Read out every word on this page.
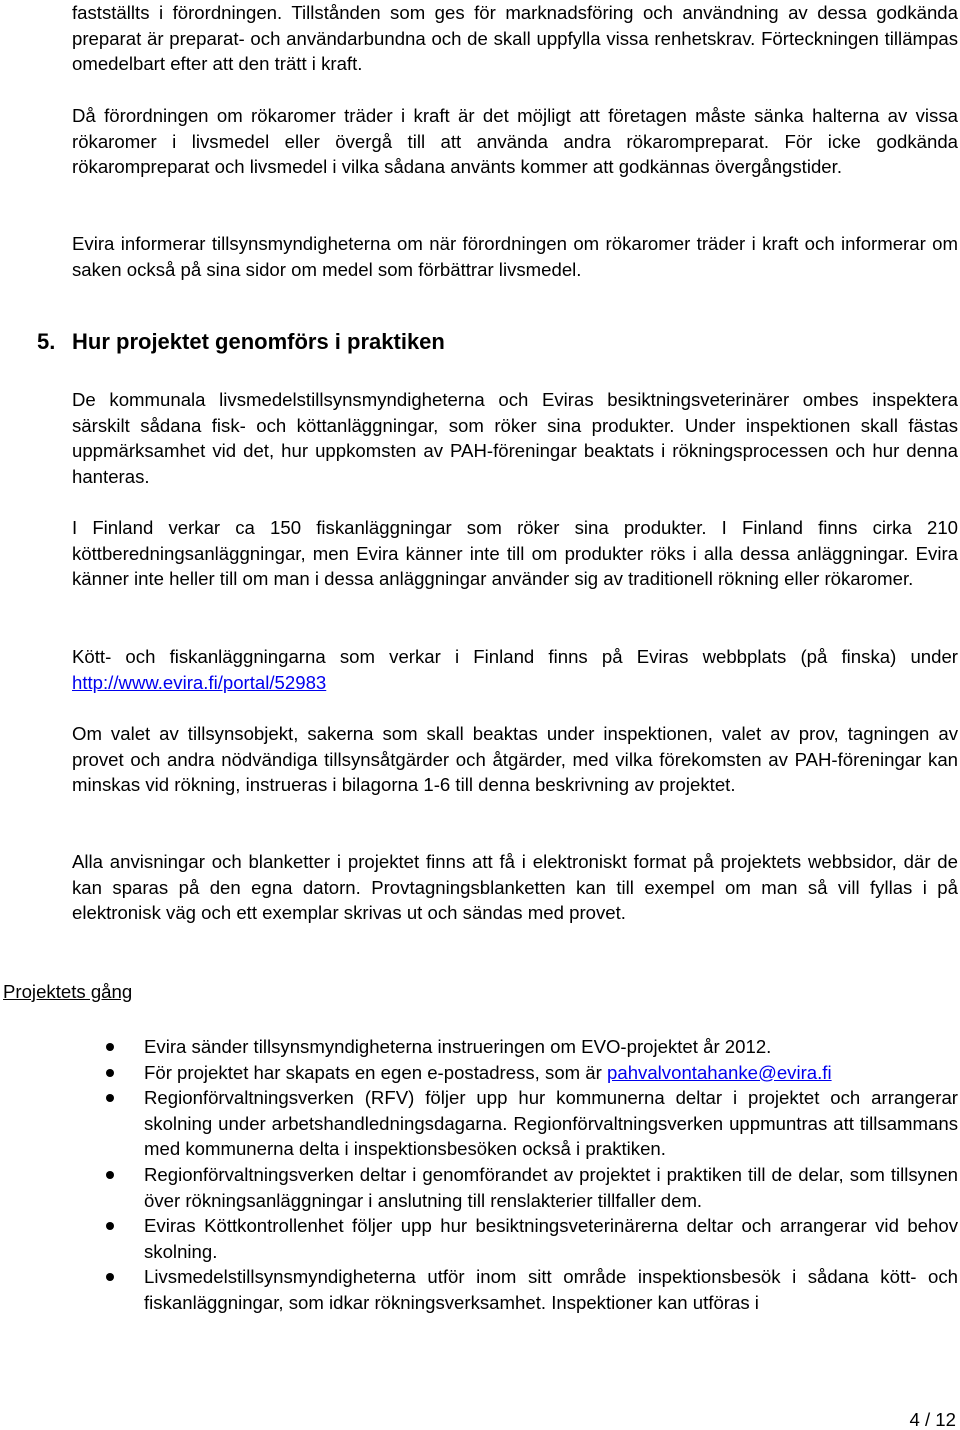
fastställts i förordningen. Tillstånden som ges för marknadsföring och användning av dessa godkända preparat är preparat- och användarbundna och de skall uppfylla vissa renhetskrav. Förteckningen tillämpas omedelbart efter att den trätt i kraft.

Då förordningen om rökaromer träder i kraft är det möjligt att företagen måste sänka halterna av vissa rökaromer i livsmedel eller övergå till att använda andra rökarompreparat. För icke godkända rökarompreparat och livsmedel i vilka sådana använts kommer att godkännas övergångstider.

Evira informerar tillsynsmyndigheterna om när förordningen om rökaromer träder i kraft och informerar om saken också på sina sidor om medel som förbättrar livsmedel.

5. Hur projektet genomförs i praktiken

De kommunala livsmedelstillsynsmyndigheterna och Eviras besiktningsveterinärer ombes inspektera särskilt sådana fisk- och köttanläggningar, som röker sina produkter. Under inspektionen skall fästas uppmärksamhet vid det, hur uppkomsten av PAH-föreningar beaktats i rökningsprocessen och hur denna hanteras.

I Finland verkar ca 150 fiskanläggningar som röker sina produkter. I Finland finns cirka 210 köttberedningsanläggningar, men Evira känner inte till om produkter röks i alla dessa anläggningar. Evira känner inte heller till om man i dessa anläggningar använder sig av traditionell rökning eller rökaromer.

Kött- och fiskanläggningarna som verkar i Finland finns på Eviras webbplats (på finska) under http://www.evira.fi/portal/52983

Om valet av tillsynsobjekt, sakerna som skall beaktas under inspektionen, valet av prov, tagningen av provet och andra nödvändiga tillsynsåtgärder och åtgärder, med vilka förekomsten av PAH-föreningar kan minskas vid rökning, instrueras i bilagorna 1-6 till denna beskrivning av projektet.

Alla anvisningar och blanketter i projektet finns att få i elektroniskt format på projektets webbsidor, där de kan sparas på den egna datorn. Provtagningsblanketten kan till exempel om man så vill fyllas i på elektronisk väg och ett exemplar skrivas ut och sändas med provet.

Projektets gång

Evira sänder tillsynsmyndigheterna instrueringen om EVO-projektet år 2012.
För projektet har skapats en egen e-postadress, som är pahvalvontahanke@evira.fi
Regionförvaltningsverken (RFV) följer upp hur kommunerna deltar i projektet och arrangerar skolning under arbetshandledningsdagarna. Regionförvaltningsverken uppmuntras att tillsammans med kommunerna delta i inspektionsbesöken också i praktiken.
Regionförvaltningsverken deltar i genomförandet av projektet i praktiken till de delar, som tillsynen över rökningsanläggningar i anslutning till renslakterier tillfaller dem.
Eviras Köttkontrollenhet följer upp hur besiktningsveterinärerna deltar och arrangerar vid behov skolning.
Livsmedelstillsynsmyndigheterna utför inom sitt område inspektionsbesök i sådana kött- och fiskanläggningar, som idkar rökningsverksamhet. Inspektioner kan utföras i
4 / 12
